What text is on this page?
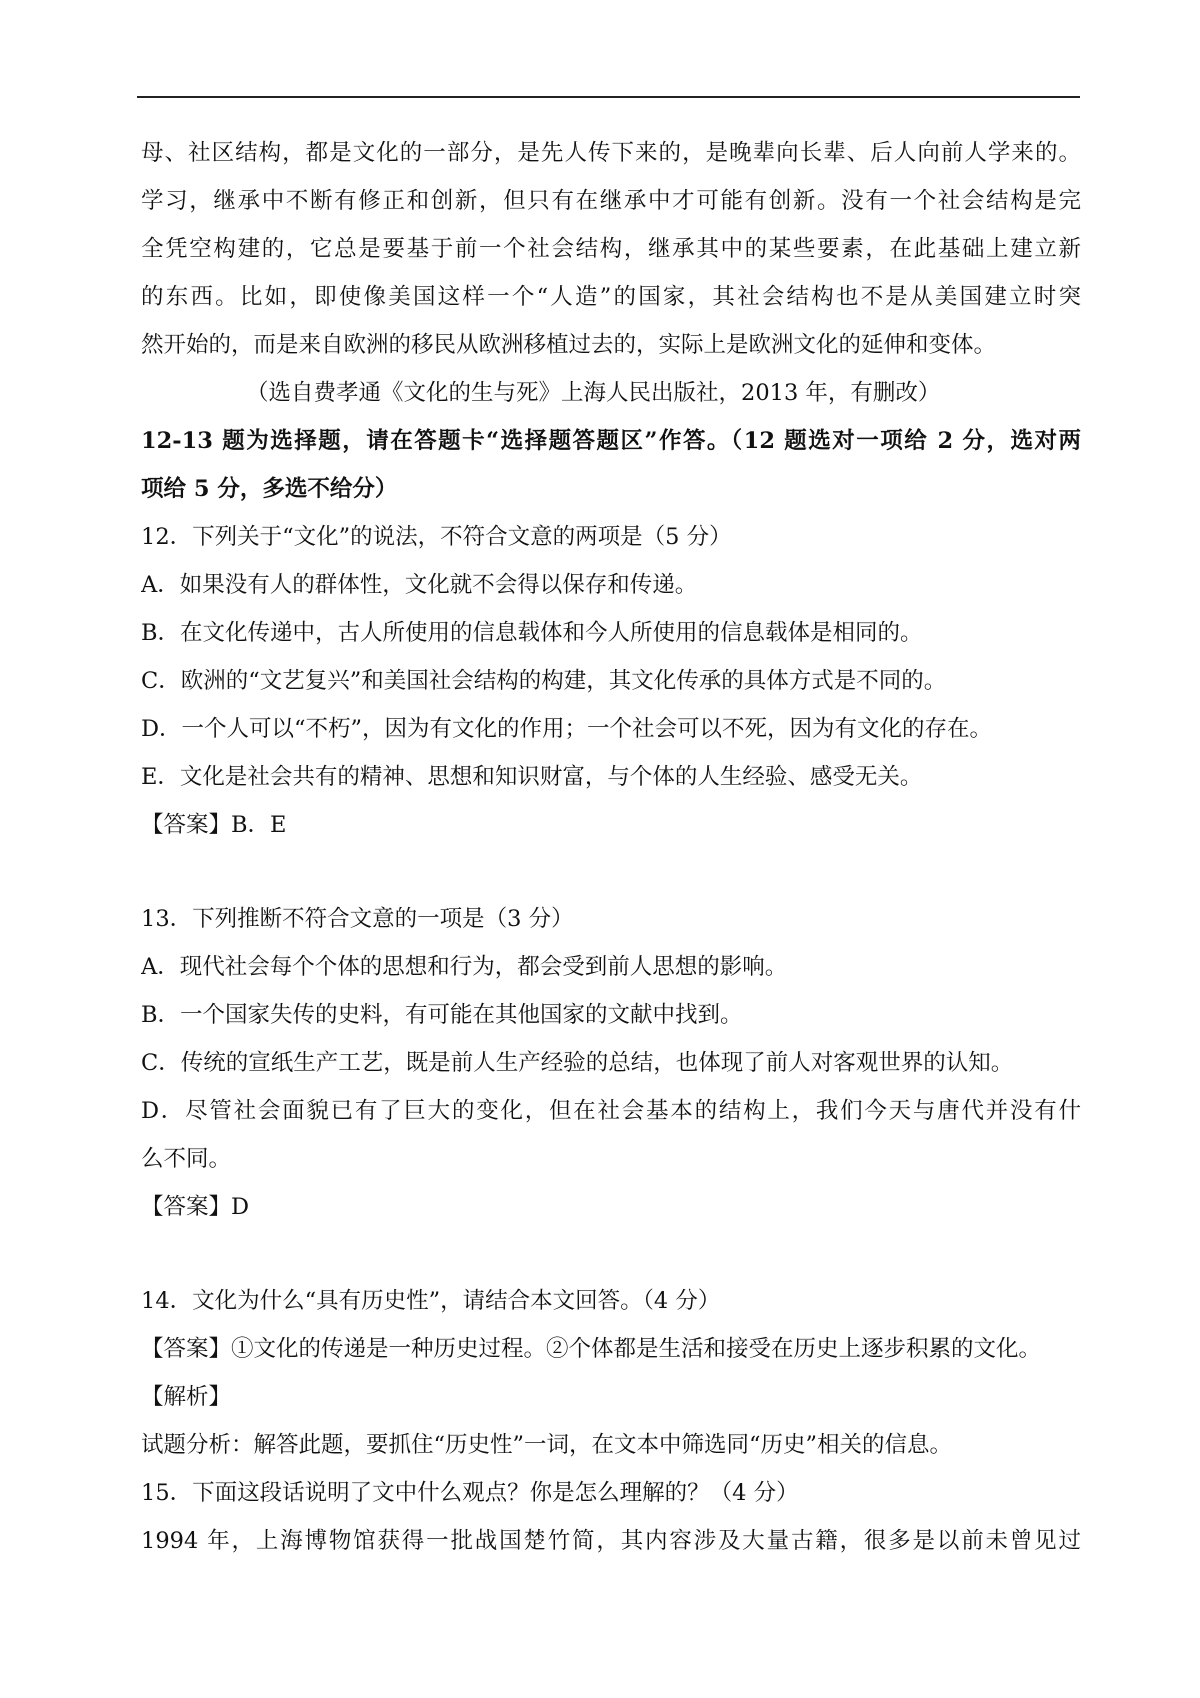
母、社区结构，都是文化的一部分，是先人传下来的，是晚辈向长辈、后人向前人学来的。
学习，继承中不断有修正和创新，但只有在继承中才可能有创新。没有一个社会结构是完
全凭空构建的，它总是要基于前一个社会结构，继承其中的某些要素，在此基础上建立新
的东西。比如，即使像美国这样一个“人造”的国家，其社会结构也不是从美国建立时突
然开始的，而是来自欧洲的移民从欧洲移植过去的，实际上是欧洲文化的延伸和变体。
（选自费孝通《文化的生与死》上海人民出版社，2013 年，有删改）
12-13 题为选择题，请在答题卡“选择题答题区”作答。（12 题选对一项给 2 分，选对两
项给 5 分，多选不给分）
12．下列关于“文化”的说法，不符合文意的两项是（5 分）
A．如果没有人的群体性，文化就不会得以保存和传递。
B．在文化传递中，古人所使用的信息载体和今人所使用的信息载体是相同的。
C．欧洲的“文艺复兴”和美国社会结构的构建，其文化传承的具体方式是不同的。
D．一个人可以“不朽”，因为有文化的作用；一个社会可以不死，因为有文化的存在。
E．文化是社会共有的精神、思想和知识财富，与个体的人生经验、感受无关。
【答案】B．E
13．下列推断不符合文意的一项是（3 分）
A．现代社会每个个体的思想和行为，都会受到前人思想的影响。
B．一个国家失传的史料，有可能在其他国家的文献中找到。
C．传统的宣纸生产工艺，既是前人生产经验的总结，也体现了前人对客观世界的认知。
D．尽管社会面貌已有了巨大的变化，但在社会基本的结构上，我们今天与唐代并没有什
么不同。
【答案】D
14．文化为什么“具有历史性”，请结合本文回答。（4 分）
【答案】①文化的传递是一种历史过程。②个体都是生活和接受在历史上逐步积累的文化。
【解析】
试题分析：解答此题，要抓住“历史性”一词，在文本中筛选同“历史”相关的信息。
15．下面这段话说明了文中什么观点？你是怎么理解的？（4 分）
1994 年，上海博物馆获得一批战国楚竹简，其内容涉及大量古籍，很多是以前未曾见过
